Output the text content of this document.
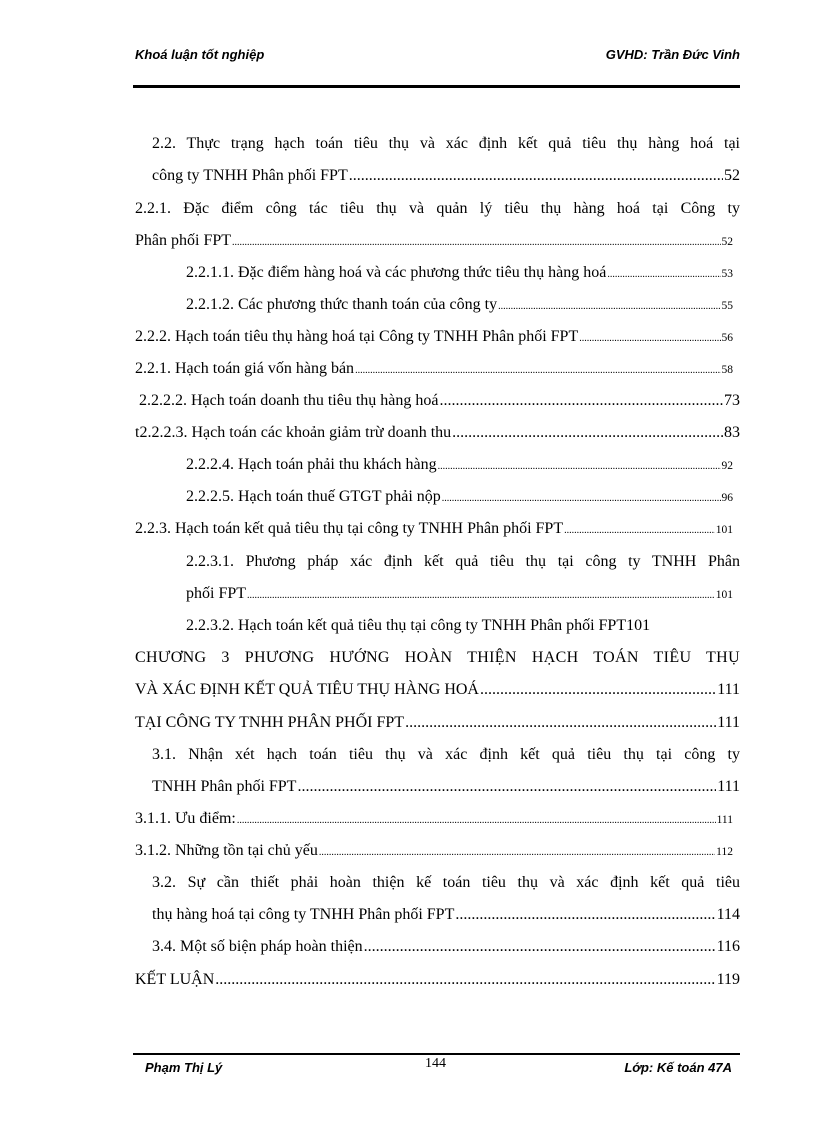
Khoá luận tốt nghiệp	GVHD: Trần Đức Vinh
2.2. Thực trạng hạch toán tiêu thụ và xác định kết quả tiêu thụ hàng hoá tại
công ty TNHH Phân phối FPT .....	52
2.2.1. Đặc điểm công tác tiêu thụ và quản lý tiêu thụ hàng hoá tại Công ty
Phân phối FPT .....	52
2.2.1.1. Đặc điểm hàng hoá và các phương thức tiêu thụ hàng hoá .....	53
2.2.1.2. Các phương thức thanh toán của công ty .....	55
2.2.2. Hạch toán tiêu thụ hàng hoá tại Công ty TNHH Phân phối FPT .....	56
2.2.1. Hạch toán giá vốn hàng bán .....	58
2.2.2.2. Hạch toán doanh thu tiêu thụ hàng hoá .....	73
t2.2.2.3. Hạch toán các khoản giảm trừ doanh thu .....	83
2.2.2.4. Hạch toán phải thu khách hàng .....	92
2.2.2.5. Hạch toán thuế GTGT phải nộp .....	96
2.2.3. Hạch toán kết quả tiêu thụ tại công ty TNHH Phân phối FPT .....	101
2.2.3.1. Phương pháp xác định kết quả tiêu thụ tại công ty TNHH Phân
phối FPT .....	101
2.2.3.2. Hạch toán kết quả tiêu thụ tại công ty TNHH Phân phối FPT101
CHƯƠNG 3 PHƯƠNG HƯỚNG HOÀN THIỆN HẠCH TOÁN TIÊU THỤ
VÀ XÁC ĐỊNH KẾT QUẢ TIÊU THỤ HÀNG HOÁ .....	111
TẠI CÔNG TY TNHH PHÂN PHỐI FPT .....	111
3.1. Nhận xét hạch toán tiêu thụ và xác định kết quả tiêu thụ tại công ty
TNHH Phân phối FPT .....	111
3.1.1. Ưu điểm: .....	111
3.1.2. Những tồn tại chủ yếu .....	112
3.2. Sự cần thiết phải hoàn thiện kế toán tiêu thụ và xác định kết quả tiêu
thụ hàng hoá tại công ty TNHH Phân phối FPT .....	114
3.4. Một số biện pháp hoàn thiện .....	116
KẾT LUẬN .....	119
Phạm Thị Lý	144	Lớp: Kế toán 47A
